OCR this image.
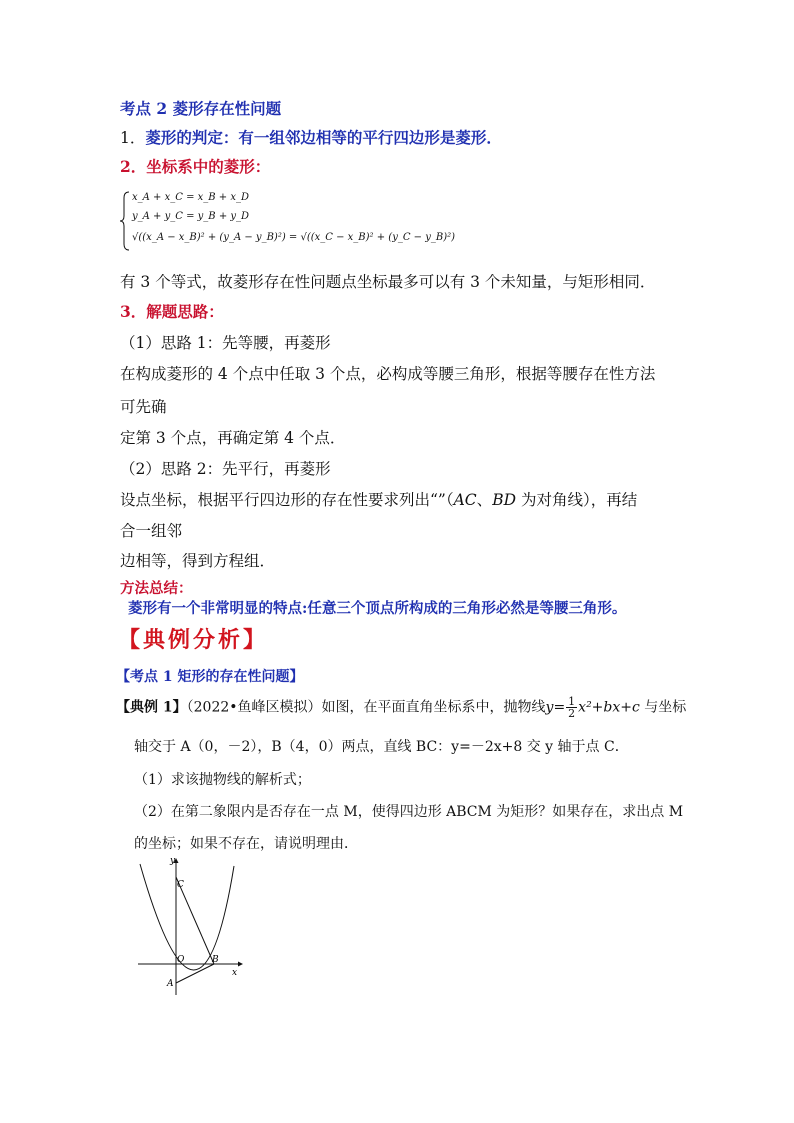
考点 2 菱形存在性问题
1．菱形的判定：有一组邻边相等的平行四边形是菱形．
2．坐标系中的菱形：
x_A + x_C = x_B + x_D
y_A + y_C = y_B + y_D
√((x_A − x_B)² + (y_A − y_B)²) = √((x_C − x_B)² + (y_C − y_B)²)
有 3 个等式，故菱形存在性问题点坐标最多可以有 3 个未知量，与矩形相同．
3．解题思路：
（1）思路 1：先等腰，再菱形
在构成菱形的 4 个点中任取 3 个点，必构成等腰三角形，根据等腰存在性方法
可先确
定第 3 个点，再确定第 4 个点．
（2）思路 2：先平行，再菱形
设点坐标，根据平行四边形的存在性要求列出“”（AC、BD 为对角线），再结
合一组邻
边相等，得到方程组．
方法总结：
菱形有一个非常明显的特点:任意三个顶点所构成的三角形必然是等腰三角形。
【典例分析】
【考点 1 矩形的存在性问题】
【典例 1】（2022•鱼峰区模拟）如图，在平面直角坐标系中，抛物线$y= \frac{1}{2} x^2+bx+c$ 与坐标
轴交于 A（0，－2），B（4，0）两点，直线 BC：y=－2x+8 交 y 轴于点 C．
（1）求该抛物线的解析式；
（2）在第二象限内是否存在一点 M，使得四边形 ABCM 为矩形？如果存在，求出点 M
的坐标；如果不存在，请说明理由．
y
x
C
O	B
A
